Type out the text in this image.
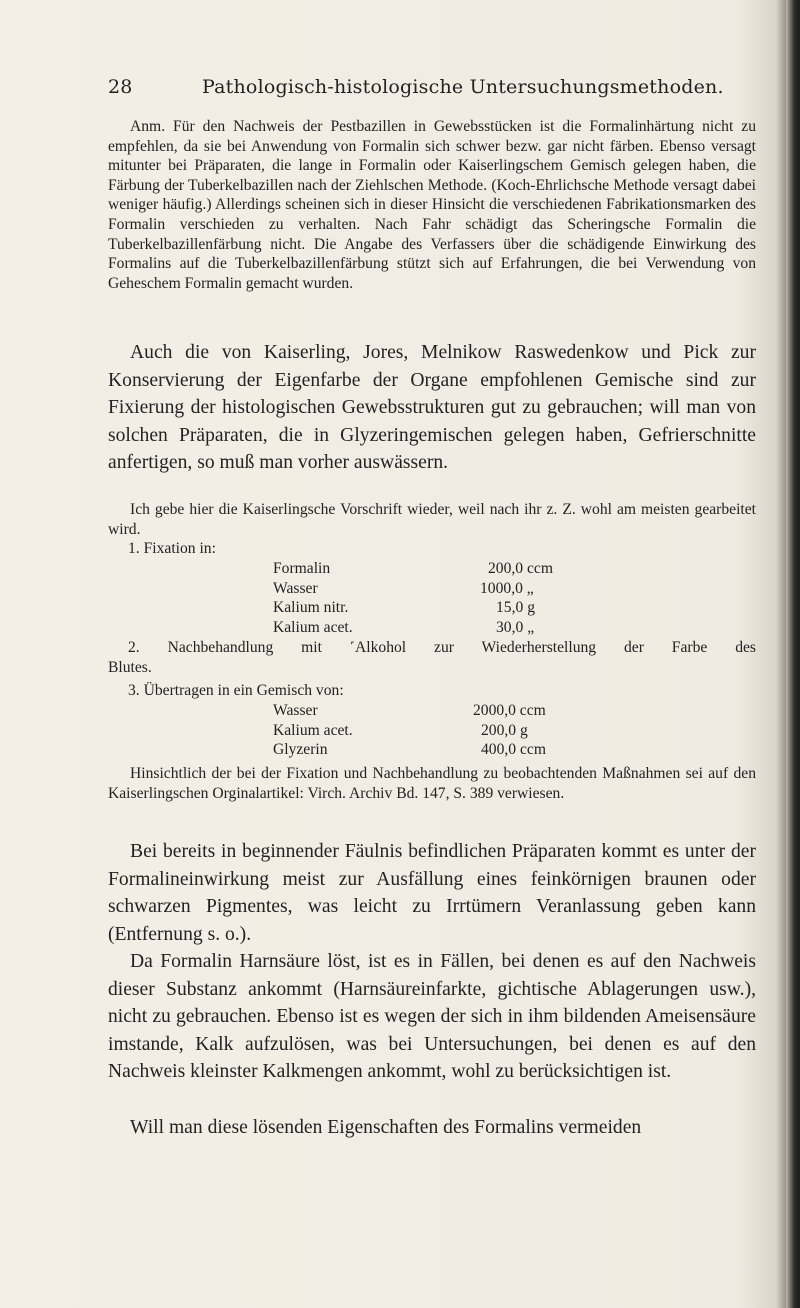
28	Pathologisch-histologische Untersuchungsmethoden.

Anm. Für den Nachweis der Pestbazillen in Gewebsstücken ist die Formalinhärtung nicht zu empfehlen, da sie bei Anwendung von Formalin sich schwer bezw. gar nicht färben. Ebenso versagt mitunter bei Präparaten, die lange in Formalin oder Kaiserlingschem Gemisch gelegen haben, die Färbung der Tuberkelbazillen nach der Ziehlschen Methode. (Koch-Ehrlichsche Methode versagt dabei weniger häufig.) Allerdings scheinen sich in dieser Hinsicht die verschiedenen Fabrikationsmarken des Formalin verschieden zu verhalten. Nach Fahr schädigt das Scheringsche Formalin die Tuberkelbazillenfärbung nicht. Die Angabe des Verfassers über die schädigende Einwirkung des Formalins auf die Tuberkelbazillenfärbung stützt sich auf Erfahrungen, die bei Verwendung von Geheschem Formalin gemacht wurden.

Auch die von Kaiserling, Jores, Melnikow Raswedenkow und Pick zur Konservierung der Eigenfarbe der Organe empfohlenen Gemische sind zur Fixierung der histologischen Gewebsstrukturen gut zu gebrauchen; will man von solchen Präparaten, die in Glyzeringemischen gelegen haben, Gefrierschnitte anfertigen, so muß man vorher auswässern.

Ich gebe hier die Kaiserlingsche Vorschrift wieder, weil nach ihr z. Z. wohl am meisten gearbeitet wird.

1. Fixation in:
Formalin	200,0 ccm
Wasser	1000,0 „
Kalium nitr.	15,0 g
Kalium acet.	30,0 „
2. Nachbehandlung mit ˹Alkohol zur Wiederherstellung der Farbe des
Blutes.
3. Übertragen in ein Gemisch von:
Wasser	2000,0 ccm
Kalium acet.	200,0 g
Glyzerin	400,0 ccm

Hinsichtlich der bei der Fixation und Nachbehandlung zu beobachtenden Maßnahmen sei auf den Kaiserlingschen Orginalartikel: Virch. Archiv Bd. 147, S. 389 verwiesen.

Bei bereits in beginnender Fäulnis befindlichen Präparaten kommt es unter der Formalineinwirkung meist zur Ausfällung eines feinkörnigen braunen oder schwarzen Pigmentes, was leicht zu Irrtümern Veranlassung geben kann (Entfernung s. o.).

Da Formalin Harnsäure löst, ist es in Fällen, bei denen es auf den Nachweis dieser Substanz ankommt (Harnsäureinfarkte, gichtische Ablagerungen usw.), nicht zu gebrauchen. Ebenso ist es wegen der sich in ihm bildenden Ameisensäure imstande, Kalk aufzulösen, was bei Untersuchungen, bei denen es auf den Nachweis kleinster Kalkmengen ankommt, wohl zu berücksichtigen ist.

Will man diese lösenden Eigenschaften des Formalins vermeiden
